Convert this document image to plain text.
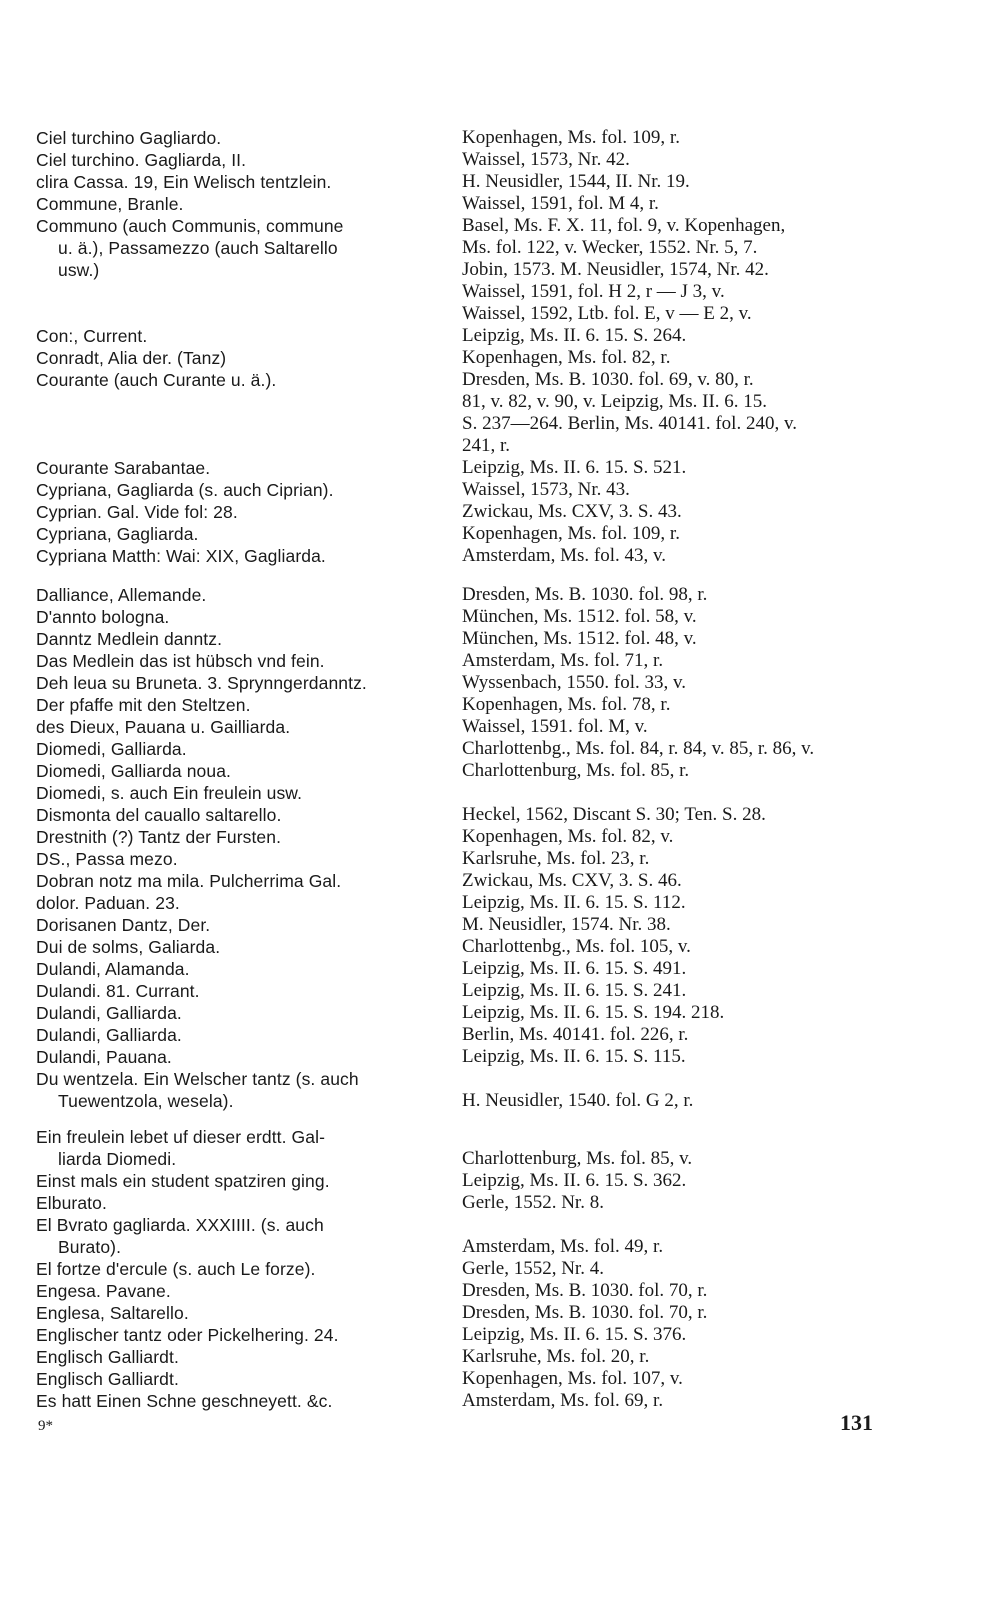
Ciel turchino Gagliardo.	Kopenhagen, Ms. fol. 109, r.
Ciel turchino. Gagliarda, II.	Waissel, 1573, Nr. 42.
clira Cassa. 19, Ein Welisch tentzlein.	H. Neusidler, 1544, II. Nr. 19.
Commune, Branle.	Waissel, 1591, fol. M 4, r.
Communo (auch Communis, commune	Basel, Ms. F. X. 11, fol. 9, v. Kopenhagen,
u. ä.), Passamezzo (auch Saltarello	Ms. fol. 122, v. Wecker, 1552. Nr. 5, 7.
usw.)	Jobin, 1573. M. Neusidler, 1574, Nr. 42.
Waissel, 1591, fol. H 2, r — J 3, v.
Waissel, 1592, Ltb. fol. E, v — E 2, v.
Con:, Current.	Leipzig, Ms. II. 6. 15. S. 264.
Conradt, Alia der. (Tanz)	Kopenhagen, Ms. fol. 82, r.
Courante (auch Curante u. ä.).	Dresden, Ms. B. 1030. fol. 69, v. 80, r.
81, v. 82, v. 90, v. Leipzig, Ms. II. 6. 15.
S. 237—264. Berlin, Ms. 40141. fol. 240, v.
241, r.
Courante Sarabantae.	Leipzig, Ms. II. 6. 15. S. 521.
Cypriana, Gagliarda (s. auch Ciprian).	Waissel, 1573, Nr. 43.
Cyprian. Gal. Vide fol: 28.	Zwickau, Ms. CXV, 3. S. 43.
Cypriana, Gagliarda.	Kopenhagen, Ms. fol. 109, r.
Cypriana Matth: Wai: XIX, Gagliarda.	Amsterdam, Ms. fol. 43, v.
Dalliance, Allemande.	Dresden, Ms. B. 1030. fol. 98, r.
D'annto bologna.	München, Ms. 1512. fol. 58, v.
Danntz Medlein danntz.	München, Ms. 1512. fol. 48, v.
Das Medlein das ist hübsch vnd fein.	Amsterdam, Ms. fol. 71, r.
Deh leua su Bruneta. 3. Sprynngerdanntz.	Wyssenbach, 1550. fol. 33, v.
Der pfaffe mit den Steltzen.	Kopenhagen, Ms. fol. 78, r.
des Dieux, Pauana u. Gailliarda.	Waissel, 1591. fol. M, v.
Diomedi, Galliarda.	Charlottenbg., Ms. fol. 84, r. 84, v. 85, r. 86, v.
Diomedi, Galliarda noua.	Charlottenburg, Ms. fol. 85, r.
Diomedi, s. auch Ein freulein usw.
Dismonta del cauallo saltarello.	Heckel, 1562, Discant S. 30; Ten. S. 28.
Drestnith (?) Tantz der Fursten.	Kopenhagen, Ms. fol. 82, v.
DS., Passa mezo.	Karlsruhe, Ms. fol. 23, r.
Dobran notz ma mila. Pulcherrima Gal.	Zwickau, Ms. CXV, 3. S. 46.
dolor. Paduan. 23.	Leipzig, Ms. II. 6. 15. S. 112.
Dorisanen Dantz, Der.	M. Neusidler, 1574. Nr. 38.
Dui de solms, Galiarda.	Charlottenbg., Ms. fol. 105, v.
Dulandi, Alamanda.	Leipzig, Ms. II. 6. 15. S. 491.
Dulandi. 81. Currant.	Leipzig, Ms. II. 6. 15. S. 241.
Dulandi, Galliarda.	Leipzig, Ms. II. 6. 15. S. 194. 218.
Dulandi, Galliarda.	Berlin, Ms. 40141. fol. 226, r.
Dulandi, Pauana.	Leipzig, Ms. II. 6. 15. S. 115.
Du wentzela. Ein Welscher tantz (s. auch
Tuewentzola, wesela).	H. Neusidler, 1540. fol. G 2, r.
Ein freulein lebet uf dieser erdtt. Gal-
liarda Diomedi.	Charlottenburg, Ms. fol. 85, v.
Einst mals ein student spatziren ging.	Leipzig, Ms. II. 6. 15. S. 362.
Elburato.	Gerle, 1552. Nr. 8.
El Bvrato gagliarda. XXXIIII. (s. auch
Burato).	Amsterdam, Ms. fol. 49, r.
El fortze d'ercule (s. auch Le forze).	Gerle, 1552, Nr. 4.
Engesa. Pavane.	Dresden, Ms. B. 1030. fol. 70, r.
Englesa, Saltarello.	Dresden, Ms. B. 1030. fol. 70, r.
Englischer tantz oder Pickelhering. 24.	Leipzig, Ms. II. 6. 15. S. 376.
Englisch Galliardt.	Karlsruhe, Ms. fol. 20, r.
Englisch Galliardt.	Kopenhagen, Ms. fol. 107, v.
Es hatt Einen Schne geschneyett. &c.	Amsterdam, Ms. fol. 69, r.
9*	131
